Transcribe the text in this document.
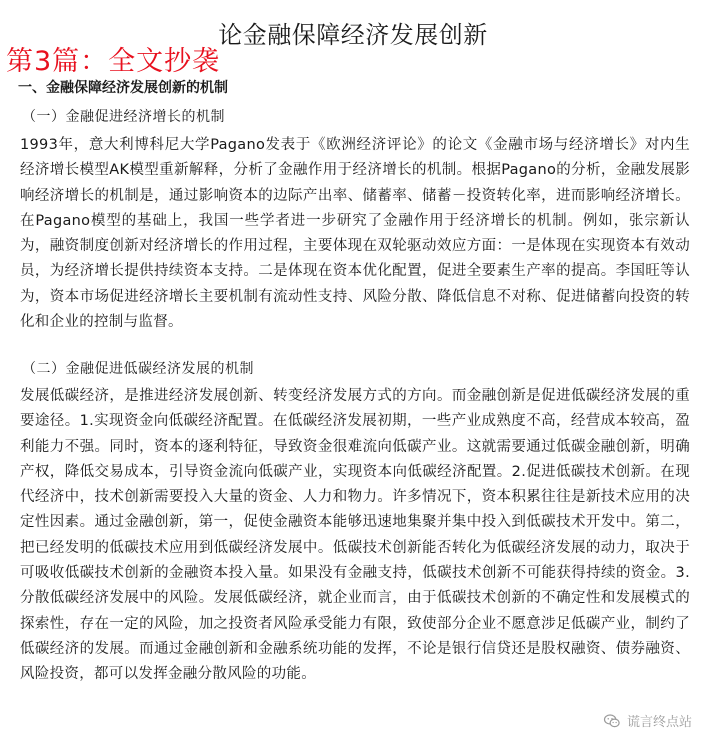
论金融保障经济发展创新
第3篇：全文抄袭
一、金融保障经济发展创新的机制
（一）金融促进经济增长的机制

1993年，意大利博科尼大学Pagano发表于《欧洲经济评论》的论文《金融市场与经济增长》对内生经济增长模型AK模型重新解释，分析了金融作用于经济增长的机制。根据Pagano的分析，金融发展影响经济增长的机制是，通过影响资本的边际产出率、储蓄率、储蓄－投资转化率，进而影响经济增长。在Pagano模型的基础上，我国一些学者进一步研究了金融作用于经济增长的机制。例如，张宗新认为，融资制度创新对经济增长的作用过程，主要体现在双轮驱动效应方面：一是体现在实现资本有效动员，为经济增长提供持续资本支持。二是体现在资本优化配置，促进全要素生产率的提高。李国旺等认为，资本市场促进经济增长主要机制有流动性支持、风险分散、降低信息不对称、促进储蓄向投资的转化和企业的控制与监督。

（二）金融促进低碳经济发展的机制

发展低碳经济，是推进经济发展创新、转变经济发展方式的方向。而金融创新是促进低碳经济发展的重要途径。1.实现资金向低碳经济配置。在低碳经济发展初期，一些产业成熟度不高，经营成本较高，盈利能力不强。同时，资本的逐利特征，导致资金很难流向低碳产业。这就需要通过低碳金融创新，明确产权，降低交易成本，引导资金流向低碳产业，实现资本向低碳经济配置。2.促进低碳技术创新。在现代经济中，技术创新需要投入大量的资金、人力和物力。许多情况下，资本积累往往是新技术应用的决定性因素。通过金融创新，第一，促使金融资本能够迅速地集聚并集中投入到低碳技术开发中。第二，把已经发明的低碳技术应用到低碳经济发展中。低碳技术创新能否转化为低碳经济发展的动力，取决于可吸收低碳技术创新的金融资本投入量。如果没有金融支持，低碳技术创新不可能获得持续的资金。3.分散低碳经济发展中的风险。发展低碳经济，就企业而言，由于低碳技术创新的不确定性和发展模式的探索性，存在一定的风险，加之投资者风险承受能力有限，致使部分企业不愿意涉足低碳产业，制约了低碳经济的发展。而通过金融创新和金融系统功能的发挥，不论是银行信贷还是股权融资、债券融资、风险投资，都可以发挥金融分散风险的功能。

谎言终点站
